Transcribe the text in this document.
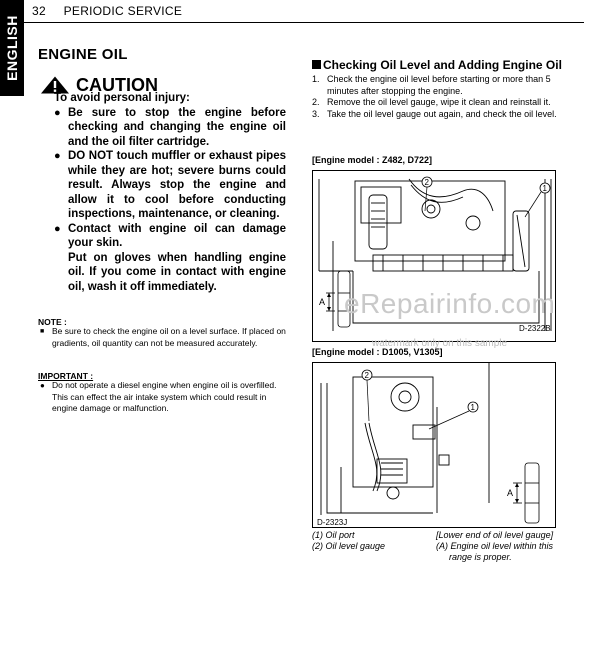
ENGLISH
32 PERIODIC SERVICE
ENGINE OIL
CAUTION
To avoid personal injury:
● Be sure to stop the engine before checking and changing the engine oil and the oil filter cartridge.
● DO NOT touch muffler or exhaust pipes while they are hot; severe burns could result. Always stop the engine and allow it to cool before conducting inspections, maintenance, or cleaning.
● Contact with engine oil can damage your skin.
Put on gloves when handling engine oil. If you come in contact with engine oil, wash it off immediately.
NOTE :
■ Be sure to check the engine oil on a level surface. If placed on gradients, oil quantity can not be measured accurately.
IMPORTANT :
● Do not operate a diesel engine when engine oil is overfilled. This can effect the air intake system which could result in engine damage or malfunction.
Checking Oil Level and Adding Engine Oil
1. Check the engine oil level before starting or more than 5 minutes after stopping the engine.
2. Remove the oil level gauge, wipe it clean and reinstall it.
3. Take the oil level gauge out again, and check the oil level.
[Engine model : Z482, D722]
A
2
1
D-2322B
eRepairinfo.com
watermark only on this sample
[Engine model : D1005, V1305]
A
2
1
D-2323J
(1) Oil port
(2) Oil level gauge
[Lower end of oil level gauge]
(A) Engine oil level within this
range is proper.
